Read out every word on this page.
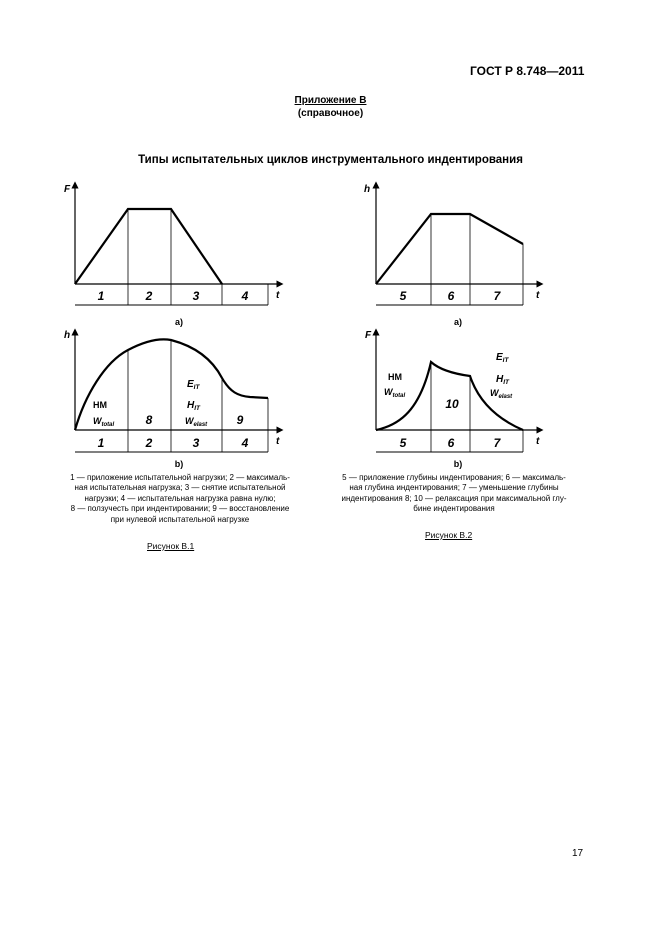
ГОСТ Р 8.748—2011
Приложение В
(справочное)
Типы испытательных циклов инструментального индентирования
F
t
1	2	3	4
a)
h
t
5	6	7
a)
h
t
1	2	3	4
HM
$W_{total}$	8
$E_{IT}$
$H_{IT}$
$W_{elast}$ 9
b)
F
t
5	6	7
HM
$W_{total}$
10
$E_{IT}$
$H_{IT}$
$W_{elast}$
b)
1 — приложение испытательной нагрузки; 2 — максималь-
ная испытательная нагрузка; 3 — снятие испытательной
нагрузки; 4 — испытательная нагрузка равна нулю;
8 — ползучесть при индентировании; 9 — восстановление
при нулевой испытательной нагрузке
5 — приложение глубины индентирования; 6 — максималь-
ная глубина индентирования; 7 — уменьшение глубины
индентирования 8; 10 — релаксация при максимальной глу-
бине индентирования
Рисунок В.1
Рисунок В.2
17
